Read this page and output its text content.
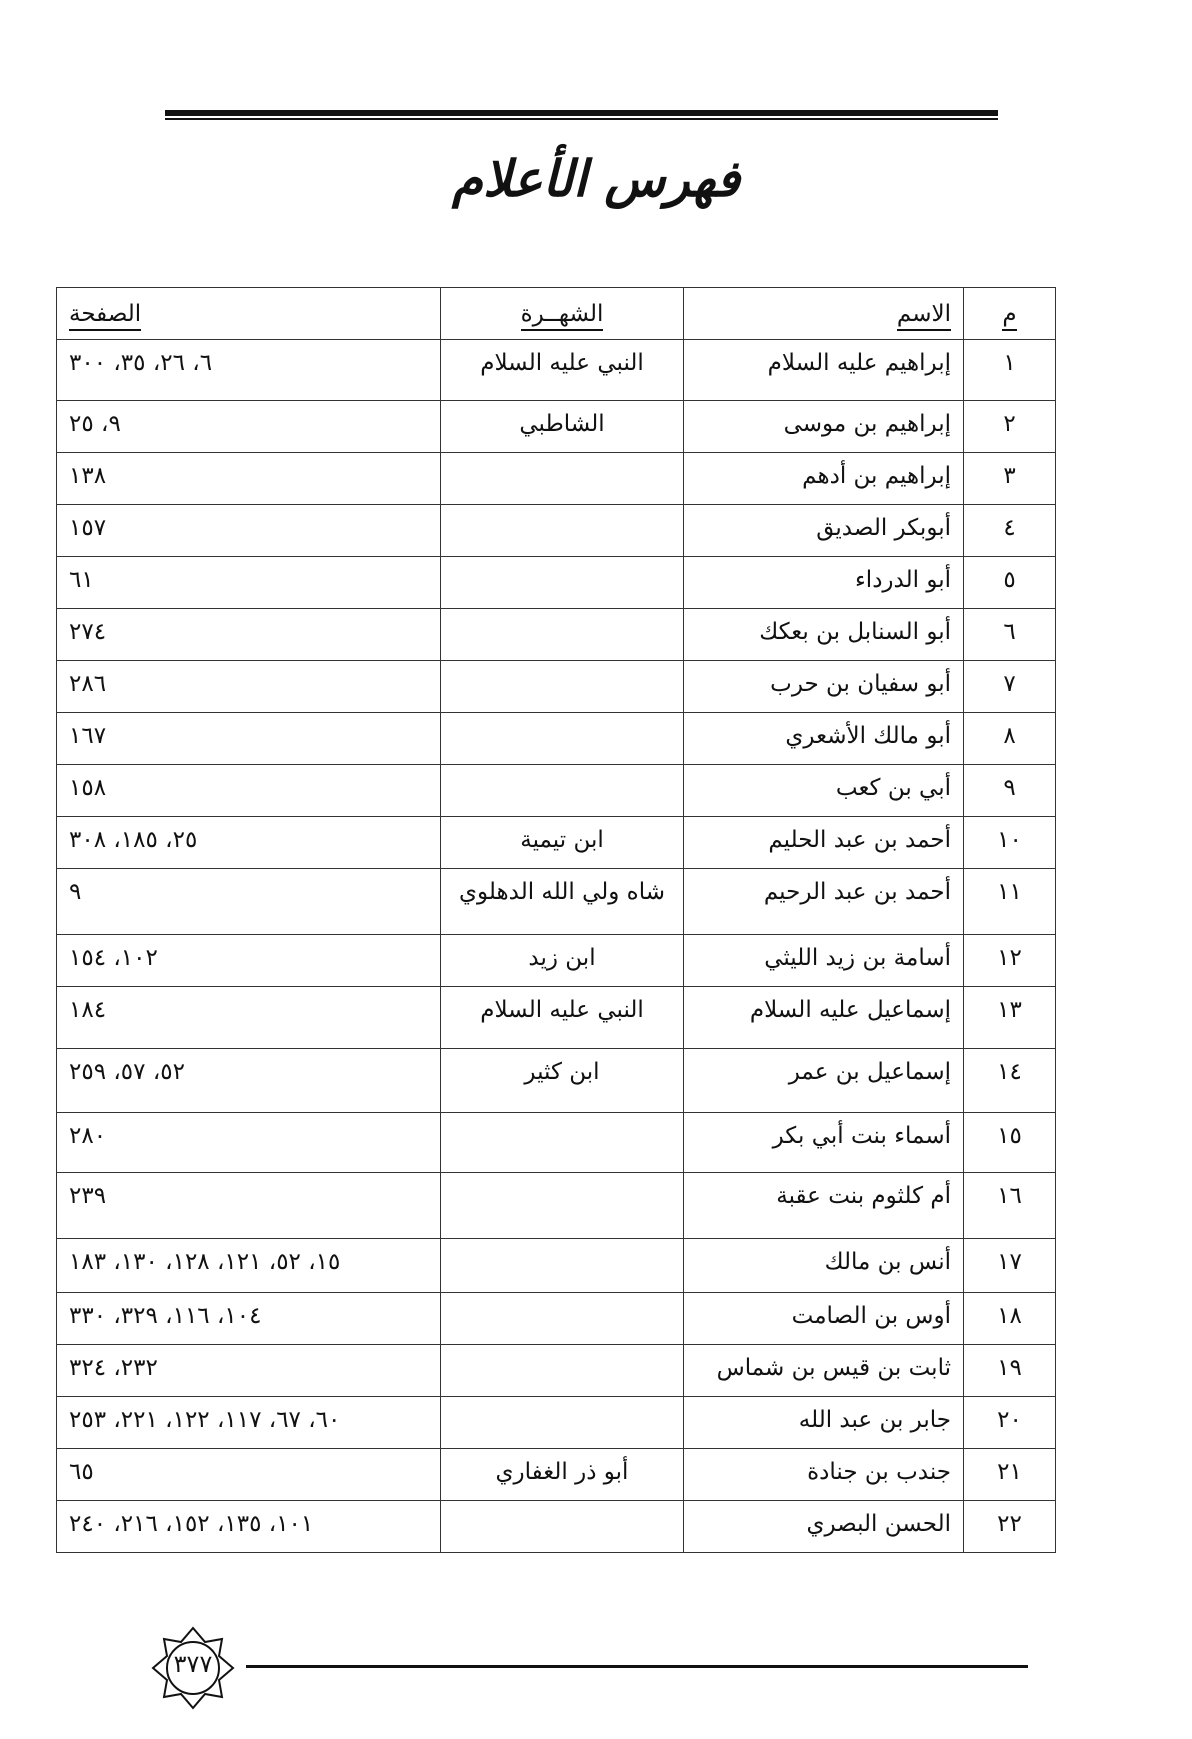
فهرس الأعلام
م	الاسم	الشهــرة	الصفحة
١	إبراهيم عليه السلام	النبي عليه السلام	٦، ٢٦، ٣٥، ٣٠٠
٢	إبراهيم بن موسى	الشاطبي	٩، ٢٥
٣	إبراهيم بن أدهم		١٣٨
٤	أبوبكر الصديق		١٥٧
٥	أبو الدرداء		٦١
٦	أبو السنابل بن بعكك		٢٧٤
٧	أبو سفيان بن حرب		٢٨٦
٨	أبو مالك الأشعري		١٦٧
٩	أبي بن كعب		١٥٨
١٠	أحمد بن عبد الحليم	ابن تيمية	٢٥، ١٨٥، ٣٠٨
١١	أحمد بن عبد الرحيم	شاه ولي الله الدهلوي	٩
١٢	أسامة بن زيد الليثي	ابن زيد	١٠٢، ١٥٤
١٣	إسماعيل عليه السلام	النبي عليه السلام	١٨٤
١٤	إسماعيل بن عمر	ابن كثير	٥٢، ٥٧، ٢٥٩
١٥	أسماء بنت أبي بكر		٢٨٠
١٦	أم كلثوم بنت عقبة		٢٣٩
١٧	أنس بن مالك		١٥، ٥٢، ١٢١، ١٢٨، ١٣٠، ١٨٣
١٨	أوس بن الصامت		١٠٤، ١١٦، ٣٢٩، ٣٣٠
١٩	ثابت بن قيس بن شماس		٢٣٢، ٣٢٤
٢٠	جابر بن عبد الله		٦٠، ٦٧، ١١٧، ١٢٢، ٢٢١، ٢٥٣
٢١	جندب بن جنادة	أبو ذر الغفاري	٦٥
٢٢	الحسن البصري		١٠١، ١٣٥، ١٥٢، ٢١٦، ٢٤٠
٣٧٧
